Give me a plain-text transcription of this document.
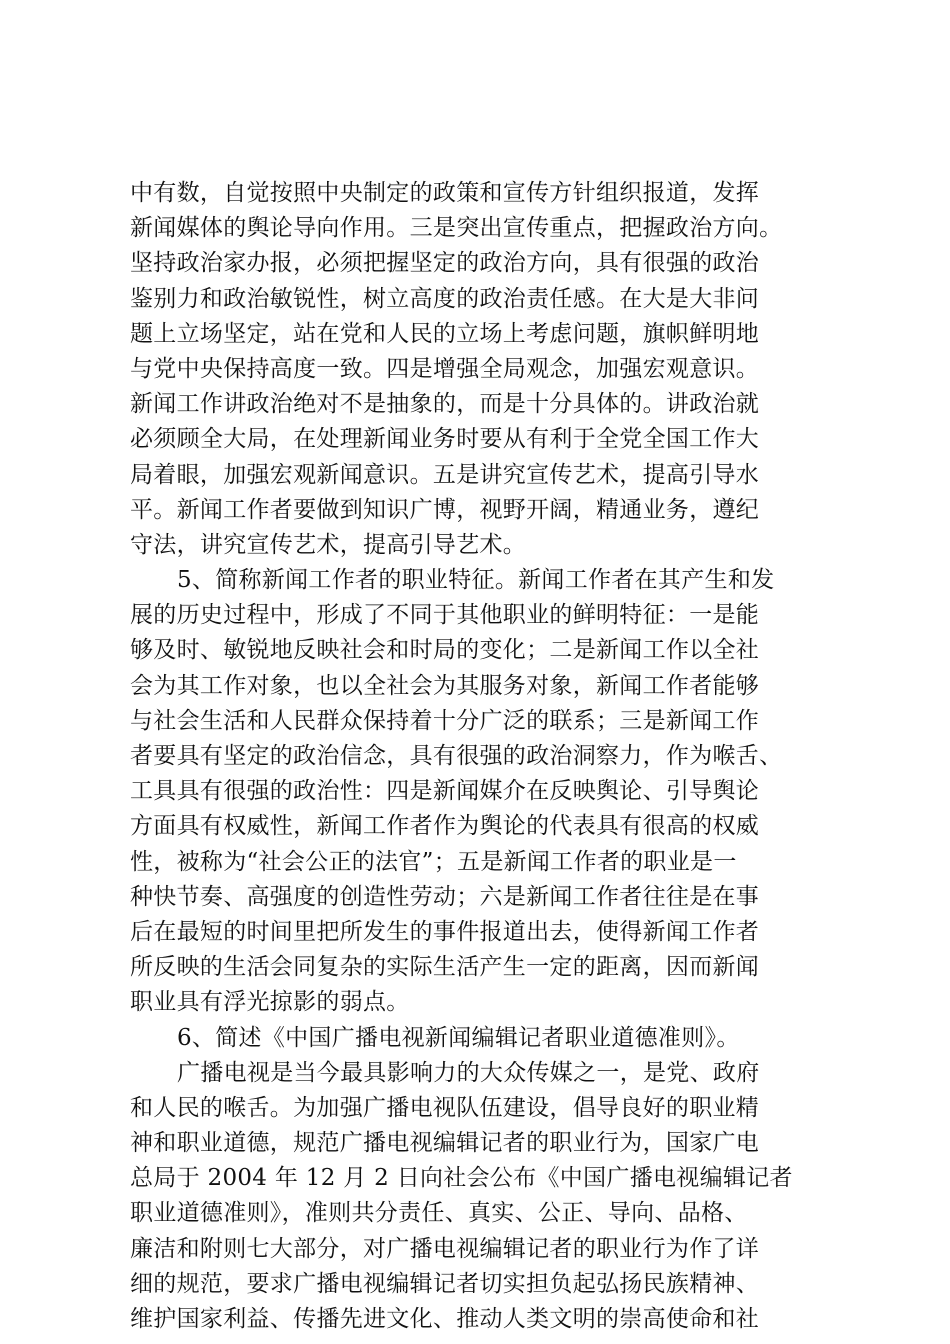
中有数，自觉按照中央制定的政策和宣传方针组织报道，发挥
新闻媒体的舆论导向作用。三是突出宣传重点，把握政治方向。
坚持政治家办报，必须把握坚定的政治方向，具有很强的政治
鉴别力和政治敏锐性，树立高度的政治责任感。在大是大非问
题上立场坚定，站在党和人民的立场上考虑问题，旗帜鲜明地
与党中央保持高度一致。四是增强全局观念，加强宏观意识。
新闻工作讲政治绝对不是抽象的，而是十分具体的。讲政治就
必须顾全大局，在处理新闻业务时要从有利于全党全国工作大
局着眼，加强宏观新闻意识。五是讲究宣传艺术，提高引导水
平。新闻工作者要做到知识广博，视野开阔，精通业务，遵纪
守法，讲究宣传艺术，提高引导艺术。
5、简称新闻工作者的职业特征。新闻工作者在其产生和发
展的历史过程中，形成了不同于其他职业的鲜明特征：一是能
够及时、敏锐地反映社会和时局的变化；二是新闻工作以全社
会为其工作对象，也以全社会为其服务对象，新闻工作者能够
与社会生活和人民群众保持着十分广泛的联系；三是新闻工作
者要具有坚定的政治信念，具有很强的政治洞察力，作为喉舌、
工具具有很强的政治性：四是新闻媒介在反映舆论、引导舆论
方面具有权威性，新闻工作者作为舆论的代表具有很高的权威
性，被称为“社会公正的法官”；五是新闻工作者的职业是一
种快节奏、高强度的创造性劳动；六是新闻工作者往往是在事
后在最短的时间里把所发生的事件报道出去，使得新闻工作者
所反映的生活会同复杂的实际生活产生一定的距离，因而新闻
职业具有浮光掠影的弱点。
6、简述《中国广播电视新闻编辑记者职业道德准则》。
广播电视是当今最具影响力的大众传媒之一，是党、政府
和人民的喉舌。为加强广播电视队伍建设，倡导良好的职业精
神和职业道德，规范广播电视编辑记者的职业行为，国家广电
总局于 2004 年 12 月 2 日向社会公布《中国广播电视编辑记者
职业道德准则》，准则共分责任、真实、公正、导向、品格、
廉洁和附则七大部分，对广播电视编辑记者的职业行为作了详
细的规范，要求广播电视编辑记者切实担负起弘扬民族精神、
维护国家利益、传播先进文化、推动人类文明的崇高使命和社
